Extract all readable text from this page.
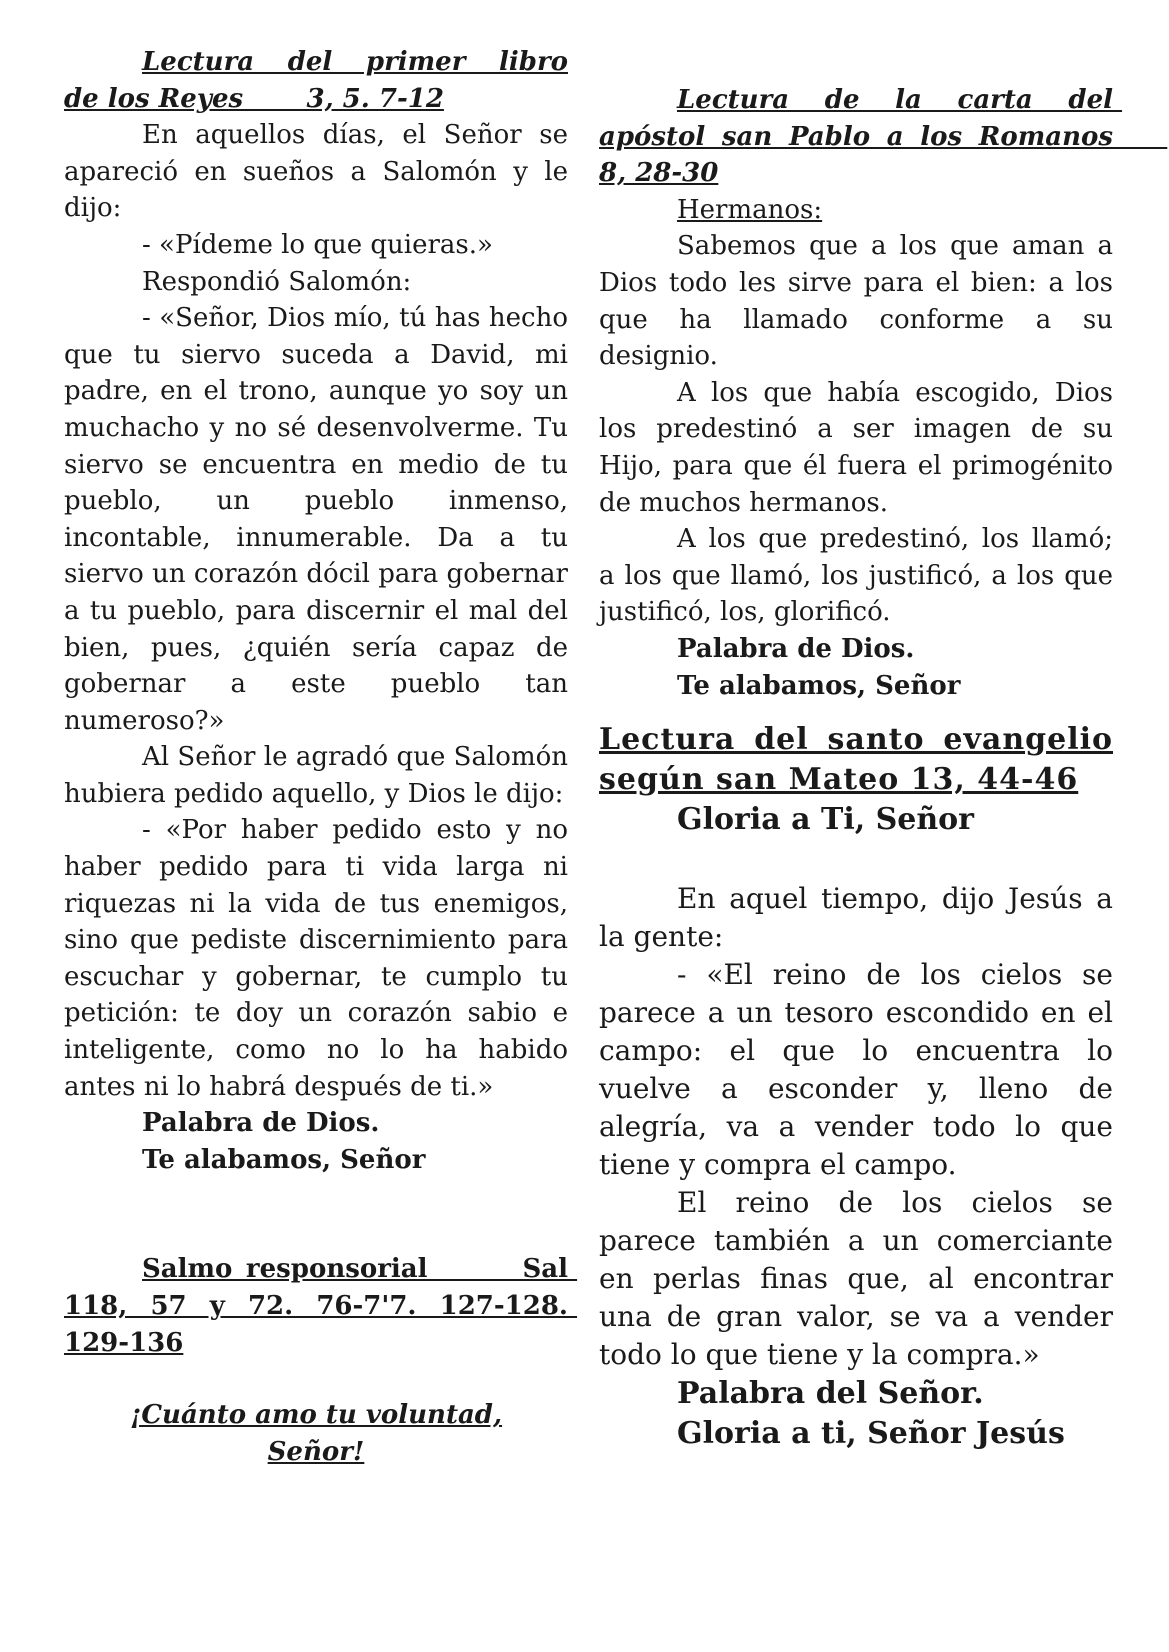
Lectura del primer libro

de los Reyes       3, 5. 7-12

En aquellos días, el Señor se apareció en sueños a Salomón y le dijo:

- «Pídeme lo que quieras.»

Respondió Salomón:

- «Señor, Dios mío, tú has hecho que tu siervo suceda a David, mi padre, en el trono, aunque yo soy un muchacho y no sé desenvolverme. Tu siervo se encuentra en medio de tu pueblo, un pueblo inmenso, incontable, innumerable. Da a tu siervo un corazón dócil para gobernar a tu pueblo, para discernir el mal del bien, pues, ¿quién sería capaz de gobernar a este pueblo tan numeroso?»

Al Señor le agradó que Salomón hubiera pedido aquello, y Dios le dijo:

- «Por haber pedido esto y no haber pedido para ti vida larga ni riquezas ni la vida de tus enemigos, sino que pediste discernimiento para escuchar y gobernar, te cumplo tu petición: te doy un corazón sabio e inteligente, como no lo ha habido antes ni lo habrá después de ti.»

Palabra de Dios.

Te alabamos, Señor

Salmo responsorial       Sal 118, 57 y 72. 76-7'7. 127-128. 129-136

¡Cuánto amo tu voluntad, Señor!

Lectura de la carta del apóstol san Pablo a los Romanos      8, 28-30

Hermanos:

Sabemos que a los que aman a Dios todo les sirve para el bien: a los que ha llamado conforme a su designio.

A los que había escogido, Dios los predestinó a ser imagen de su Hijo, para que él fuera el primogénito de muchos hermanos.

A los que predestinó, los llamó; a los que llamó, los justificó, a los que justificó, los, glorificó.

Palabra de Dios.

Te alabamos, Señor

Lectura del santo evangelio según san Mateo 13, 44-46

Gloria a Ti, Señor

En aquel tiempo, dijo Jesús a la gente:

- «El reino de los cielos se parece a un tesoro escondido en el campo: el que lo encuentra lo vuelve a esconder y, lleno de alegría, va a vender todo lo que tiene y compra el campo.

El reino de los cielos se parece también a un comerciante en perlas finas que, al encontrar una de gran valor, se va a vender todo lo que tiene y la compra.»

Palabra del Señor.

Gloria a ti, Señor Jesús
